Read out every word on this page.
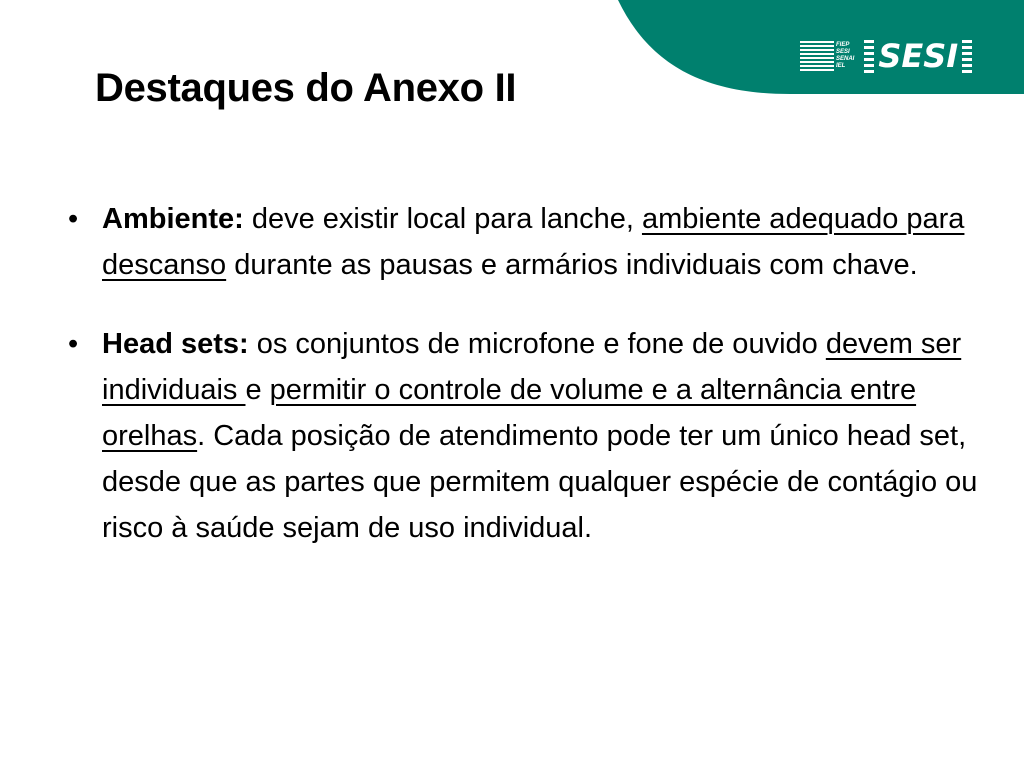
FIEP
SESI
SENAI
IEL SESI
Destaques do Anexo II
• Ambiente: deve existir local para lanche, ambiente adequado para descanso durante as pausas e armários individuais com chave.
• Head sets: os conjuntos de microfone e fone de ouvido devem ser individuais e permitir o controle de volume e a alternância entre orelhas. Cada posição de atendimento pode ter um único head set, desde que as partes que permitem qualquer espécie de contágio ou risco à saúde sejam de uso individual.
